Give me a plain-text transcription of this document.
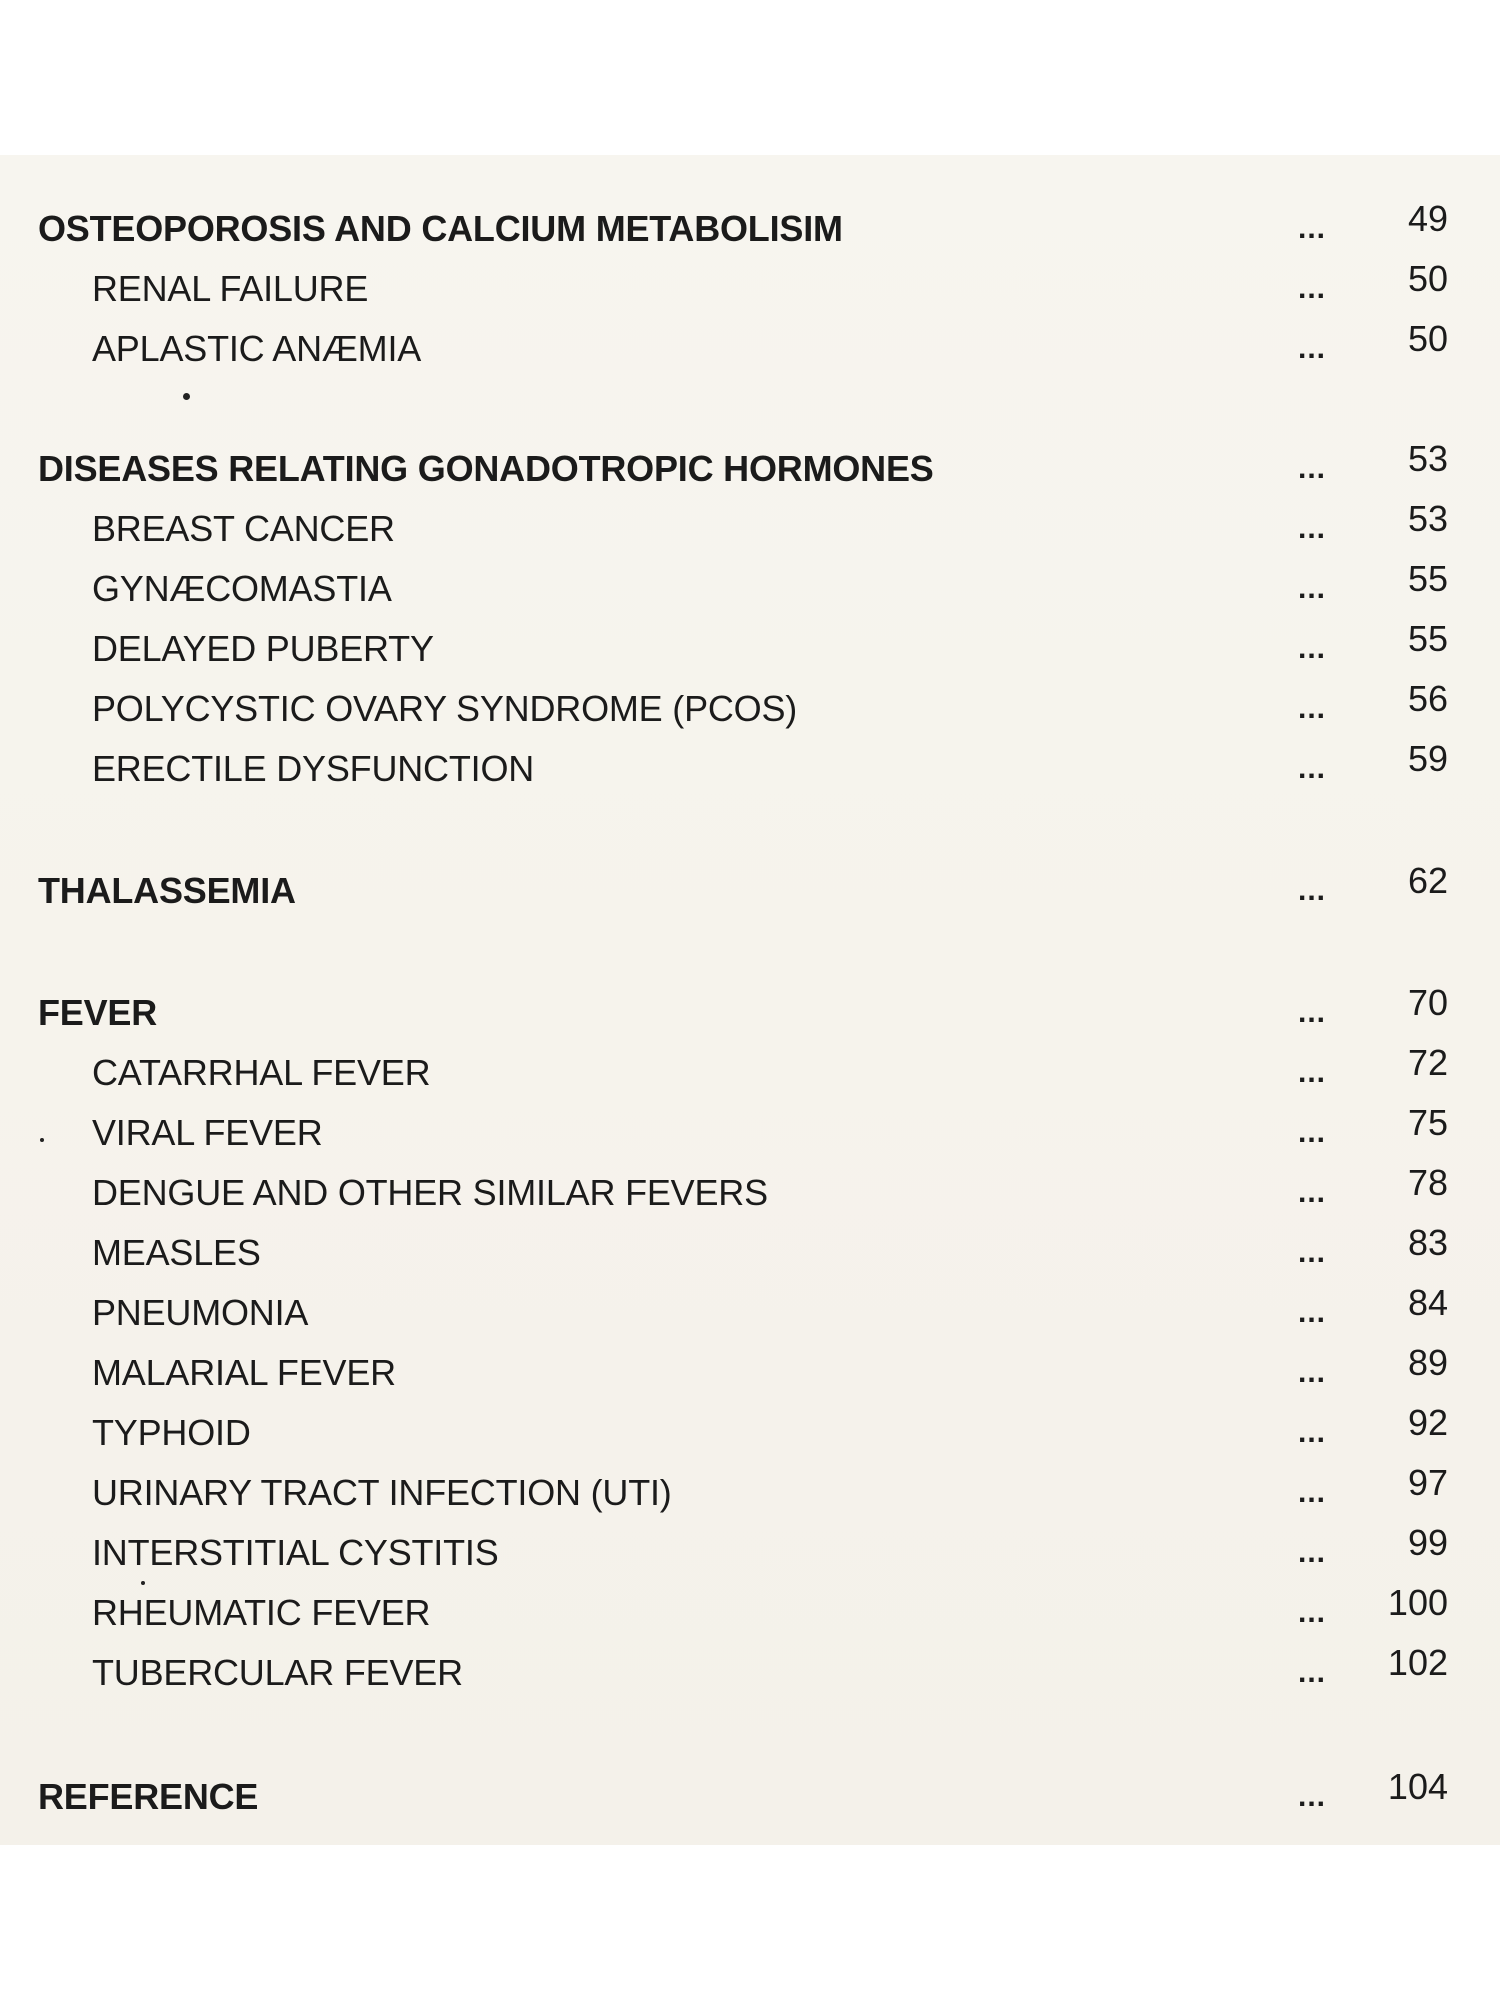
OSTEOPOROSIS AND CALCIUM METABOLISIM	... 49
RENAL FAILURE	... 50
APLASTIC ANÆMIA	... 50
DISEASES RELATING GONADOTROPIC HORMONES	... 53
BREAST CANCER	... 53
GYNÆCOMASTIA	... 55
DELAYED PUBERTY	... 55
POLYCYSTIC OVARY SYNDROME (PCOS)	... 56
ERECTILE DYSFUNCTION	... 59
THALASSEMIA	... 62
FEVER	... 70
CATARRHAL FEVER	... 72
VIRAL FEVER	... 75
DENGUE AND OTHER SIMILAR FEVERS	... 78
MEASLES	... 83
PNEUMONIA	... 84
MALARIAL FEVER	... 89
TYPHOID	... 92
URINARY TRACT INFECTION (UTI)	... 97
INTERSTITIAL CYSTITIS	... 99
RHEUMATIC FEVER	... 100
TUBERCULAR FEVER	... 102
REFERENCE	... 104
